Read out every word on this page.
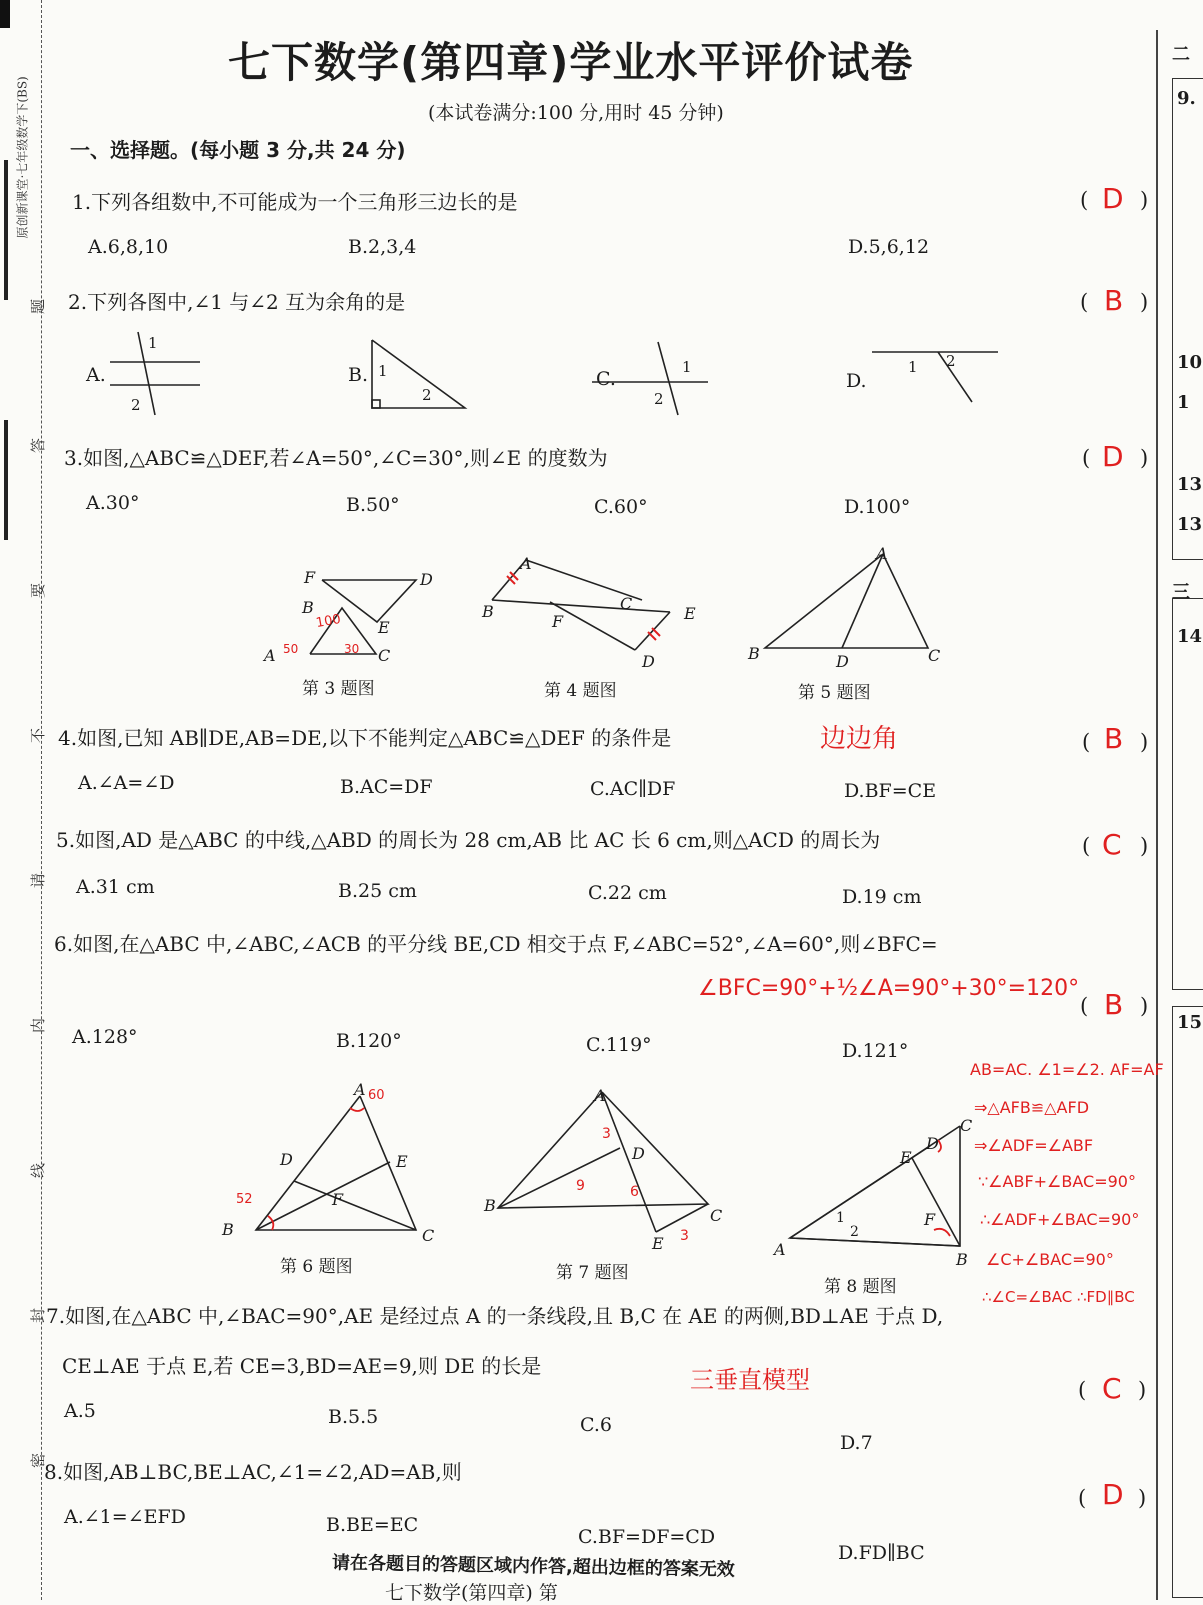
原创新课堂·七年级数学下(BS)
题
答
要
不
请
内
线
封
密
二
9.
10
1
13
13
三
14
15
七下数学(第四章)学业水平评价试卷
(本试卷满分:100 分,用时 45 分钟)
一、选择题。(每小题 3 分,共 24 分)
1.下列各组数中,不可能成为一个三角形三边长的是	( )
D
A.6,8,10	B.2,3,4	D.5,6,12
2.下列各图中,∠1 与∠2 互为余角的是	( )
B
A.
1
2
B. 1
2
C.
1
2
D.
1 2
3.如图,△ABC≌△DEF,若∠A=50°,∠C=30°,则∠E 的度数为	( )
D
A.30°	B.50°	C.60°	D.100°
F	D
B
E
A	C
100
50	30
A
C
B
F	E
D
A
B	D	C
第 3 题图	第 4 题图	第 5 题图
4.如图,已知 AB∥DE,AB=DE,以下不能判定△ABC≌△DEF 的条件是	边边角	( )
B
A.∠A=∠D	B.AC=DF	C.AC∥DF	D.BF=CE
5.如图,AD 是△ABC 的中线,△ABD 的周长为 28 cm,AB 比 AC 长 6 cm,则△ACD 的周长为	( )
C
A.31 cm	B.25 cm	C.22 cm	D.19 cm
6.如图,在△ABC 中,∠ABC,∠ACB 的平分线 BE,CD 相交于点 F,∠ABC=52°,∠A=60°,则∠BFC=
∠BFC=90°+½∠A=90°+30°=120°
( )
B
A.128°	B.120°	C.119°	D.121°
A 60
D	E
F
B
52
C
A
3
D
9	6
B
C
E 3
C
D
E
F
A
B
1
2
第 6 题图	第 7 题图
第 8 题图
AB=AC. ∠1=∠2. AF=AF
⇒△AFB≌△AFD
⇒∠ADF=∠ABF
∵∠ABF+∠BAC=90°
∴∠ADF+∠BAC=90°
∠C+∠BAC=90°
∴∠C=∠BAC ∴FD∥BC
7.如图,在△ABC 中,∠BAC=90°,AE 是经过点 A 的一条线段,且 B,C 在 AE 的两侧,BD⊥AE 于点 D,
CE⊥AE 于点 E,若 CE=3,BD=AE=9,则 DE 的长是	三垂直模型	( )
C
A.5	B.5.5	C.6
D.7
8.如图,AB⊥BC,BE⊥AC,∠1=∠2,AD=AB,则
( )
D
A.∠1=∠EFD	B.BE=EC
C.BF=DF=CD
D.FD∥BC
请在各题目的答题区域内作答,超出边框的答案无效
七下数学(第四章) 第
